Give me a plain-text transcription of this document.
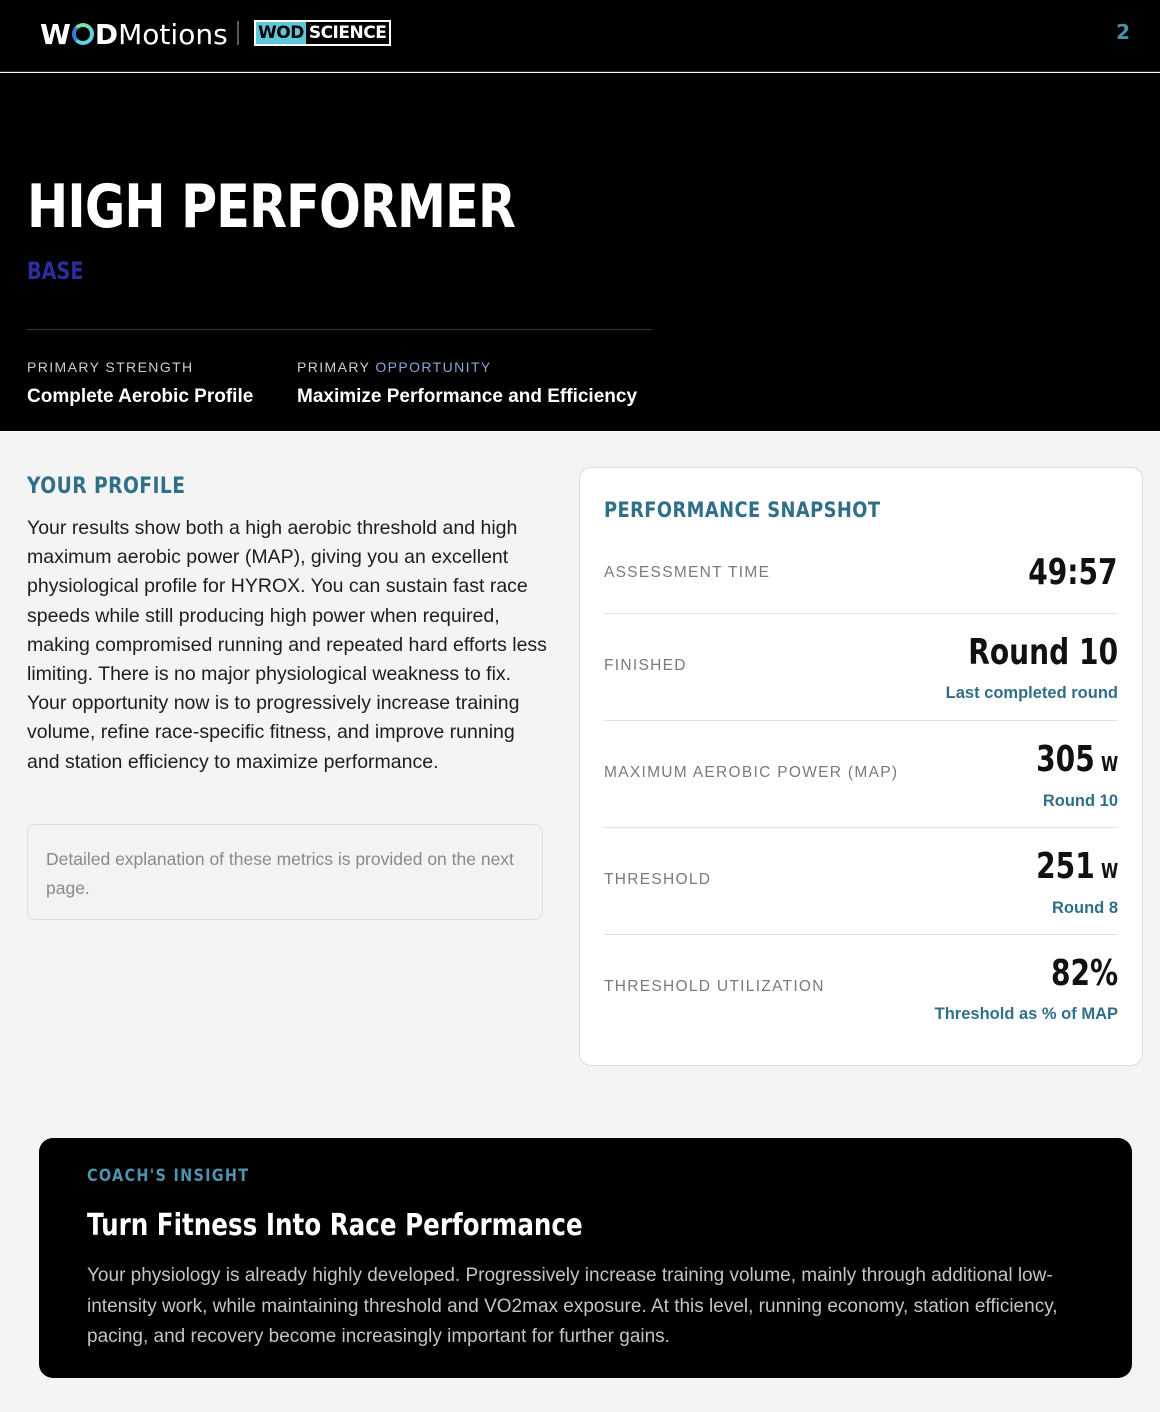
W D Motions WOD SCIENCE	2
HIGH PERFORMER
BASE
PRIMARY STRENGTH
Complete Aerobic Profile
PRIMARY OPPORTUNITY
Maximize Performance and Efficiency
YOUR PROFILE

Your results show both a high aerobic threshold and high maximum aerobic power (MAP), giving you an excellent physiological profile for HYROX. You can sustain fast race speeds while still producing high power when required, making compromised running and repeated hard efforts less limiting. There is no major physiological weakness to fix. Your opportunity now is to progressively increase training volume, refine race-specific fitness, and improve running and station efficiency to maximize performance.

Detailed explanation of these metrics is provided on the next page.
PERFORMANCE SNAPSHOT
ASSESSMENT TIME	49:57
FINISHED	Round 10
Last completed round
MAXIMUM AEROBIC POWER (MAP)	305 W
Round 10
THRESHOLD	251 W
Round 8
THRESHOLD UTILIZATION	82%
Threshold as % of MAP
COACH'S INSIGHT
Turn Fitness Into Race Performance

Your physiology is already highly developed. Progressively increase training volume, mainly through additional low-intensity work, while maintaining threshold and VO2max exposure. At this level, running economy, station efficiency, pacing, and recovery become increasingly important for further gains.
